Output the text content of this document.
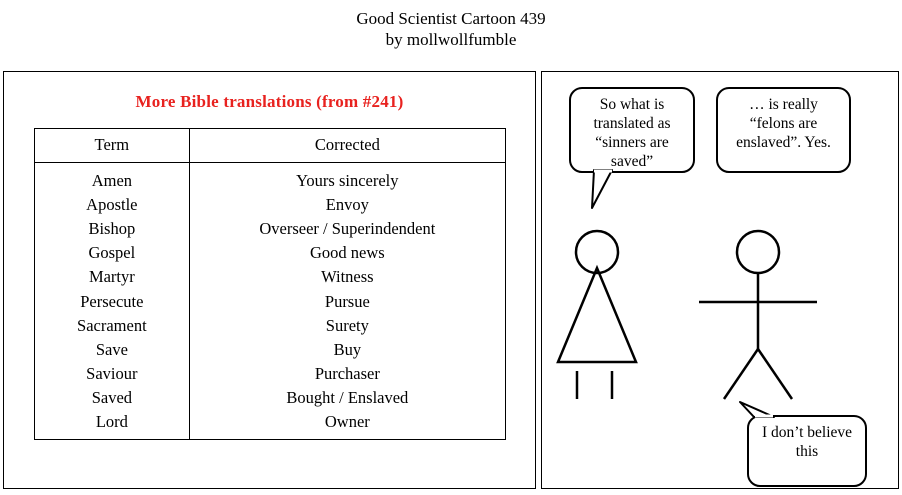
Good Scientist Cartoon 439
by mollwollfumble
More Bible translations (from #241)
Term	Corrected
Amen	Yours sincerely
Apostle	Envoy
Bishop	Overseer / Superindendent
Gospel	Good news
Martyr	Witness
Persecute	Pursue
Sacrament	Surety
Save	Buy
Saviour	Purchaser
Saved	Bought / Enslaved
Lord	Owner
So what is translated as “sinners are saved”
… is really “felons are enslaved”. Yes.
I don’t believe this
